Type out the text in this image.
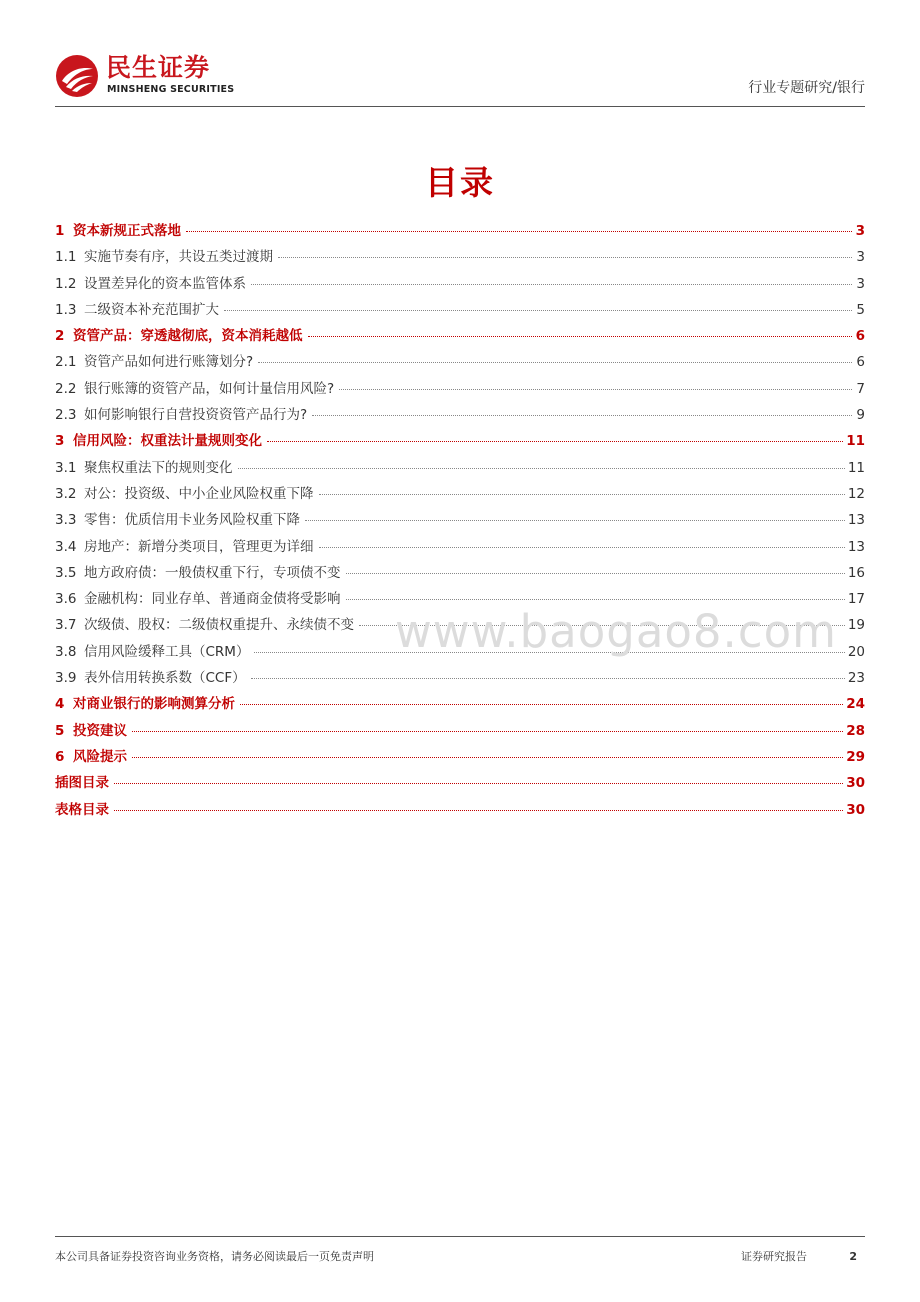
民生证券
MINSHENG SECURITIES	行业专题研究/银行
目录
1 资本新规正式落地	3
1.1 实施节奏有序，共设五类过渡期	3
1.2 设置差异化的资本监管体系	3
1.3 二级资本补充范围扩大	5
2 资管产品：穿透越彻底，资本消耗越低	6
2.1 资管产品如何进行账簿划分?	6
2.2 银行账簿的资管产品，如何计量信用风险?	7
2.3 如何影响银行自营投资资管产品行为?	9
3 信用风险：权重法计量规则变化	11
3.1 聚焦权重法下的规则变化	11
3.2 对公：投资级、中小企业风险权重下降	12
3.3 零售：优质信用卡业务风险权重下降	13
3.4 房地产：新增分类项目，管理更为详细	13
3.5 地方政府债：一般债权重下行，专项债不变	16
3.6 金融机构：同业存单、普通商金债将受影响	17
3.7 次级债、股权：二级债权重提升、永续债不变	19
3.8 信用风险缓释工具（CRM）	20
3.9 表外信用转换系数（CCF）	23
4 对商业银行的影响测算分析	24
5 投资建议	28
6 风险提示	29
插图目录	30
表格目录	30
www.baogao8.com
本公司具备证券投资咨询业务资格，请务必阅读最后一页免责声明	证券研究报告	2
